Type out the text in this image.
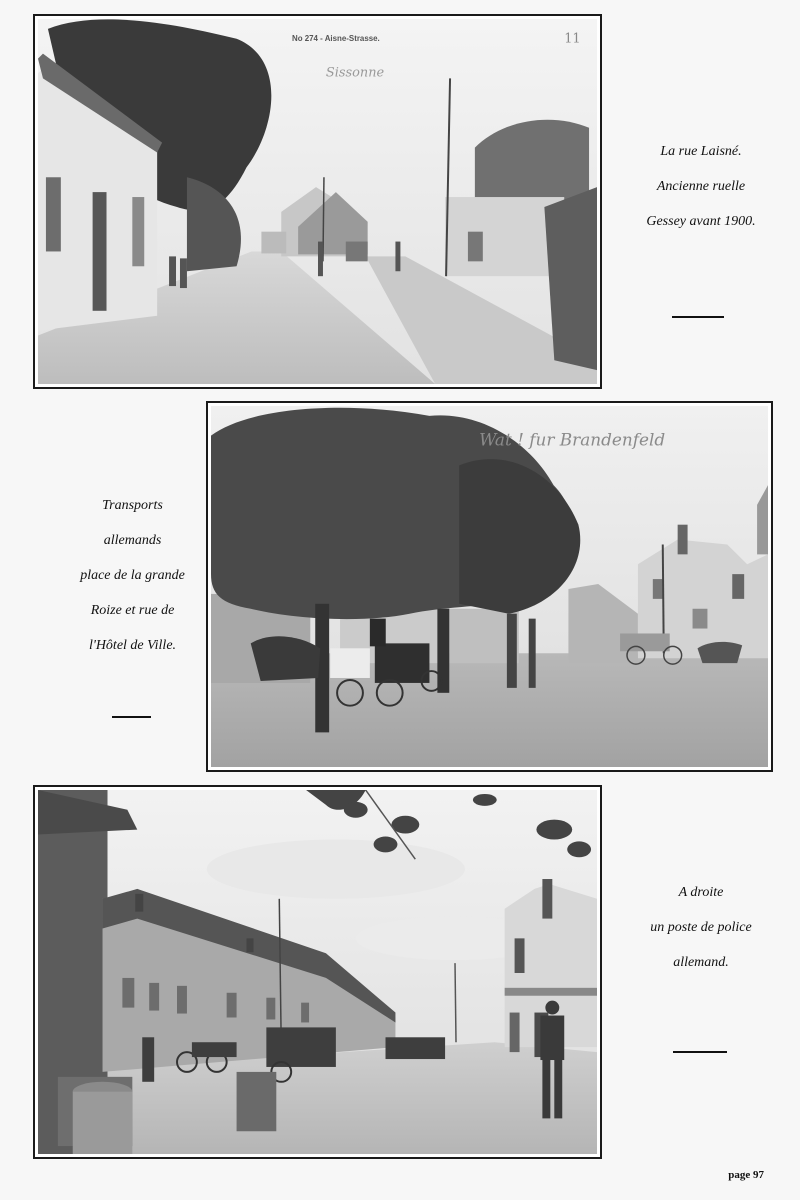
No 274 - Aisne-Strasse.
Sissonne
11
La rue Laisné.
Ancienne ruelle
Gessey avant 1900.
Wat ! fur Brandenfeld
Transports
allemands
place de la grande
Roize et rue de
l'Hôtel de Ville.
A droite
un poste de police
allemand.
page 97
